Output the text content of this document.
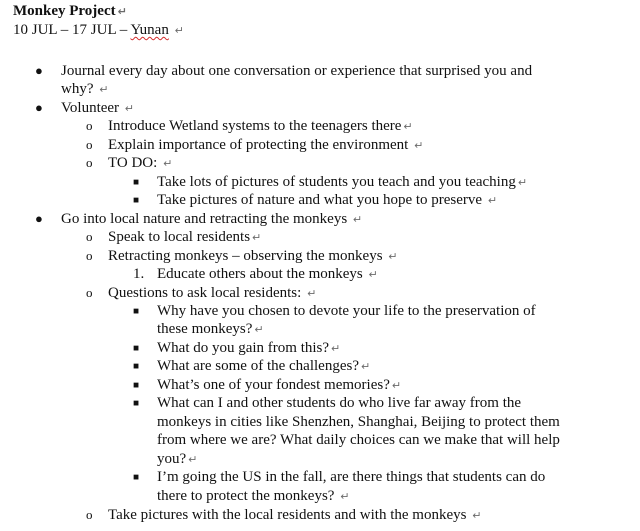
Monkey Project ↵
10 JUL – 17 JUL – Yunan ↵
● Journal every day about one conversation or experience that surprised you and
why? ↵
● Volunteer ↵
o Introduce Wetland systems to the teenagers there ↵
o Explain importance of protecting the environment ↵
o TO DO: ↵
■ Take lots of pictures of students you teach and you teaching ↵
■ Take pictures of nature and what you hope to preserve ↵
● Go into local nature and retracting the monkeys ↵
o Speak to local residents ↵
o Retracting monkeys – observing the monkeys ↵
1. Educate others about the monkeys ↵
o Questions to ask local residents: ↵
■ Why have you chosen to devote your life to the preservation of
these monkeys? ↵
■ What do you gain from this? ↵
■ What are some of the challenges? ↵
■ What’s one of your fondest memories? ↵
■ What can I and other students do who live far away from the
monkeys in cities like Shenzhen, Shanghai, Beijing to protect them
from where we are? What daily choices can we make that will help
you? ↵
■ I’m going the US in the fall, are there things that students can do
there to protect the monkeys? ↵
o Take pictures with the local residents and with the monkeys ↵
